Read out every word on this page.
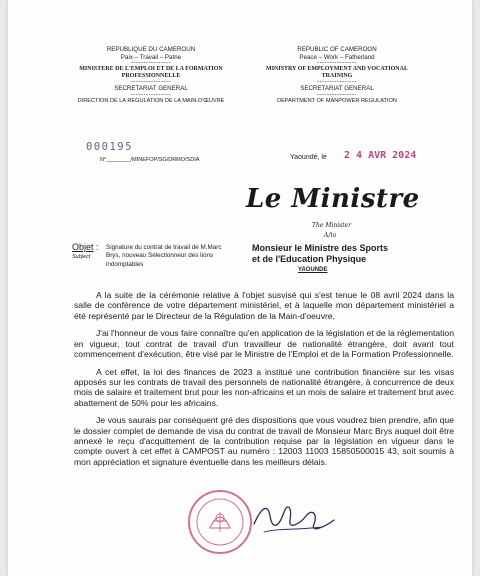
REPUBLIQUE DU CAMEROUN
Paix – Travail – Patrie
----------------
MINISTERE DE L'EMPLOI ET DE LA FORMATION PROFESSIONNELLE
----------------
SECRETARIAT GENERAL
----------------
DIRECTION DE LA REGULATION DE LA MAIN-D'ŒUVRE
REPUBLIC OF CAMEROON
Peace – Work – Fatherland
----------------
MINISTRY OF EMPLOYMENT AND VOCATIONAL TRAINING
----------------
SECRETARIAT GENERAL
----------------
DEPARTMENT OF MANPOWER REGULATION
000195
N°________/MINEFOP/SG/DRMO/SDIA	Yaoundé, le 2 4 AVR 2024
Le Ministre
The Minister
A/to
Objet :
Subject
Signature du contrat de travail de M.Marc Brys, nouveau Sélectionneur des lions indomptables
Monsieur le Ministre des Sports
et de l'Education Physique
YAOUNDE

A la suite de la cérémonie relative à l'objet susvisé qui s'est tenue le 08 avril 2024 dans la salle de conférence de votre département ministériel, et à laquelle mon département ministériel a été représenté par le Directeur de la Régulation de la Main-d'oeuvre,

J'ai l'honneur de vous faire connaître qu'en application de la législation et de la réglementation en vigueur, tout contrat de travail d'un travailleur de nationalité étrangère, doit avant tout commencement d'exécution, être visé par le Ministre de l'Emploi et de la Formation Professionnelle.

A cet effet, la loi des finances de 2023 a institué une contribution financière sur les visas apposés sur les contrats de travail des personnels de nationalité étrangère, à concurrence de deux mois de salaire et traitement brut pour les non-africains et un mois de salaire et traitement brut avec abattement de 50% pour les africains.

Je vous saurais par conséquent gré des dispositions que vous voudrez bien prendre, afin que le dossier complet de demande de visa du contrat de travail de Monsieur Marc Brys auquel doit être annexé le reçu d'acquittement de la contribution requise par la législation en vigueur dans le compte ouvert à cet effet à CAMPOST au numéro : 12003 11003 15850500015 43, soit soumis à mon appréciation et signature éventuelle dans les meilleurs délais.
